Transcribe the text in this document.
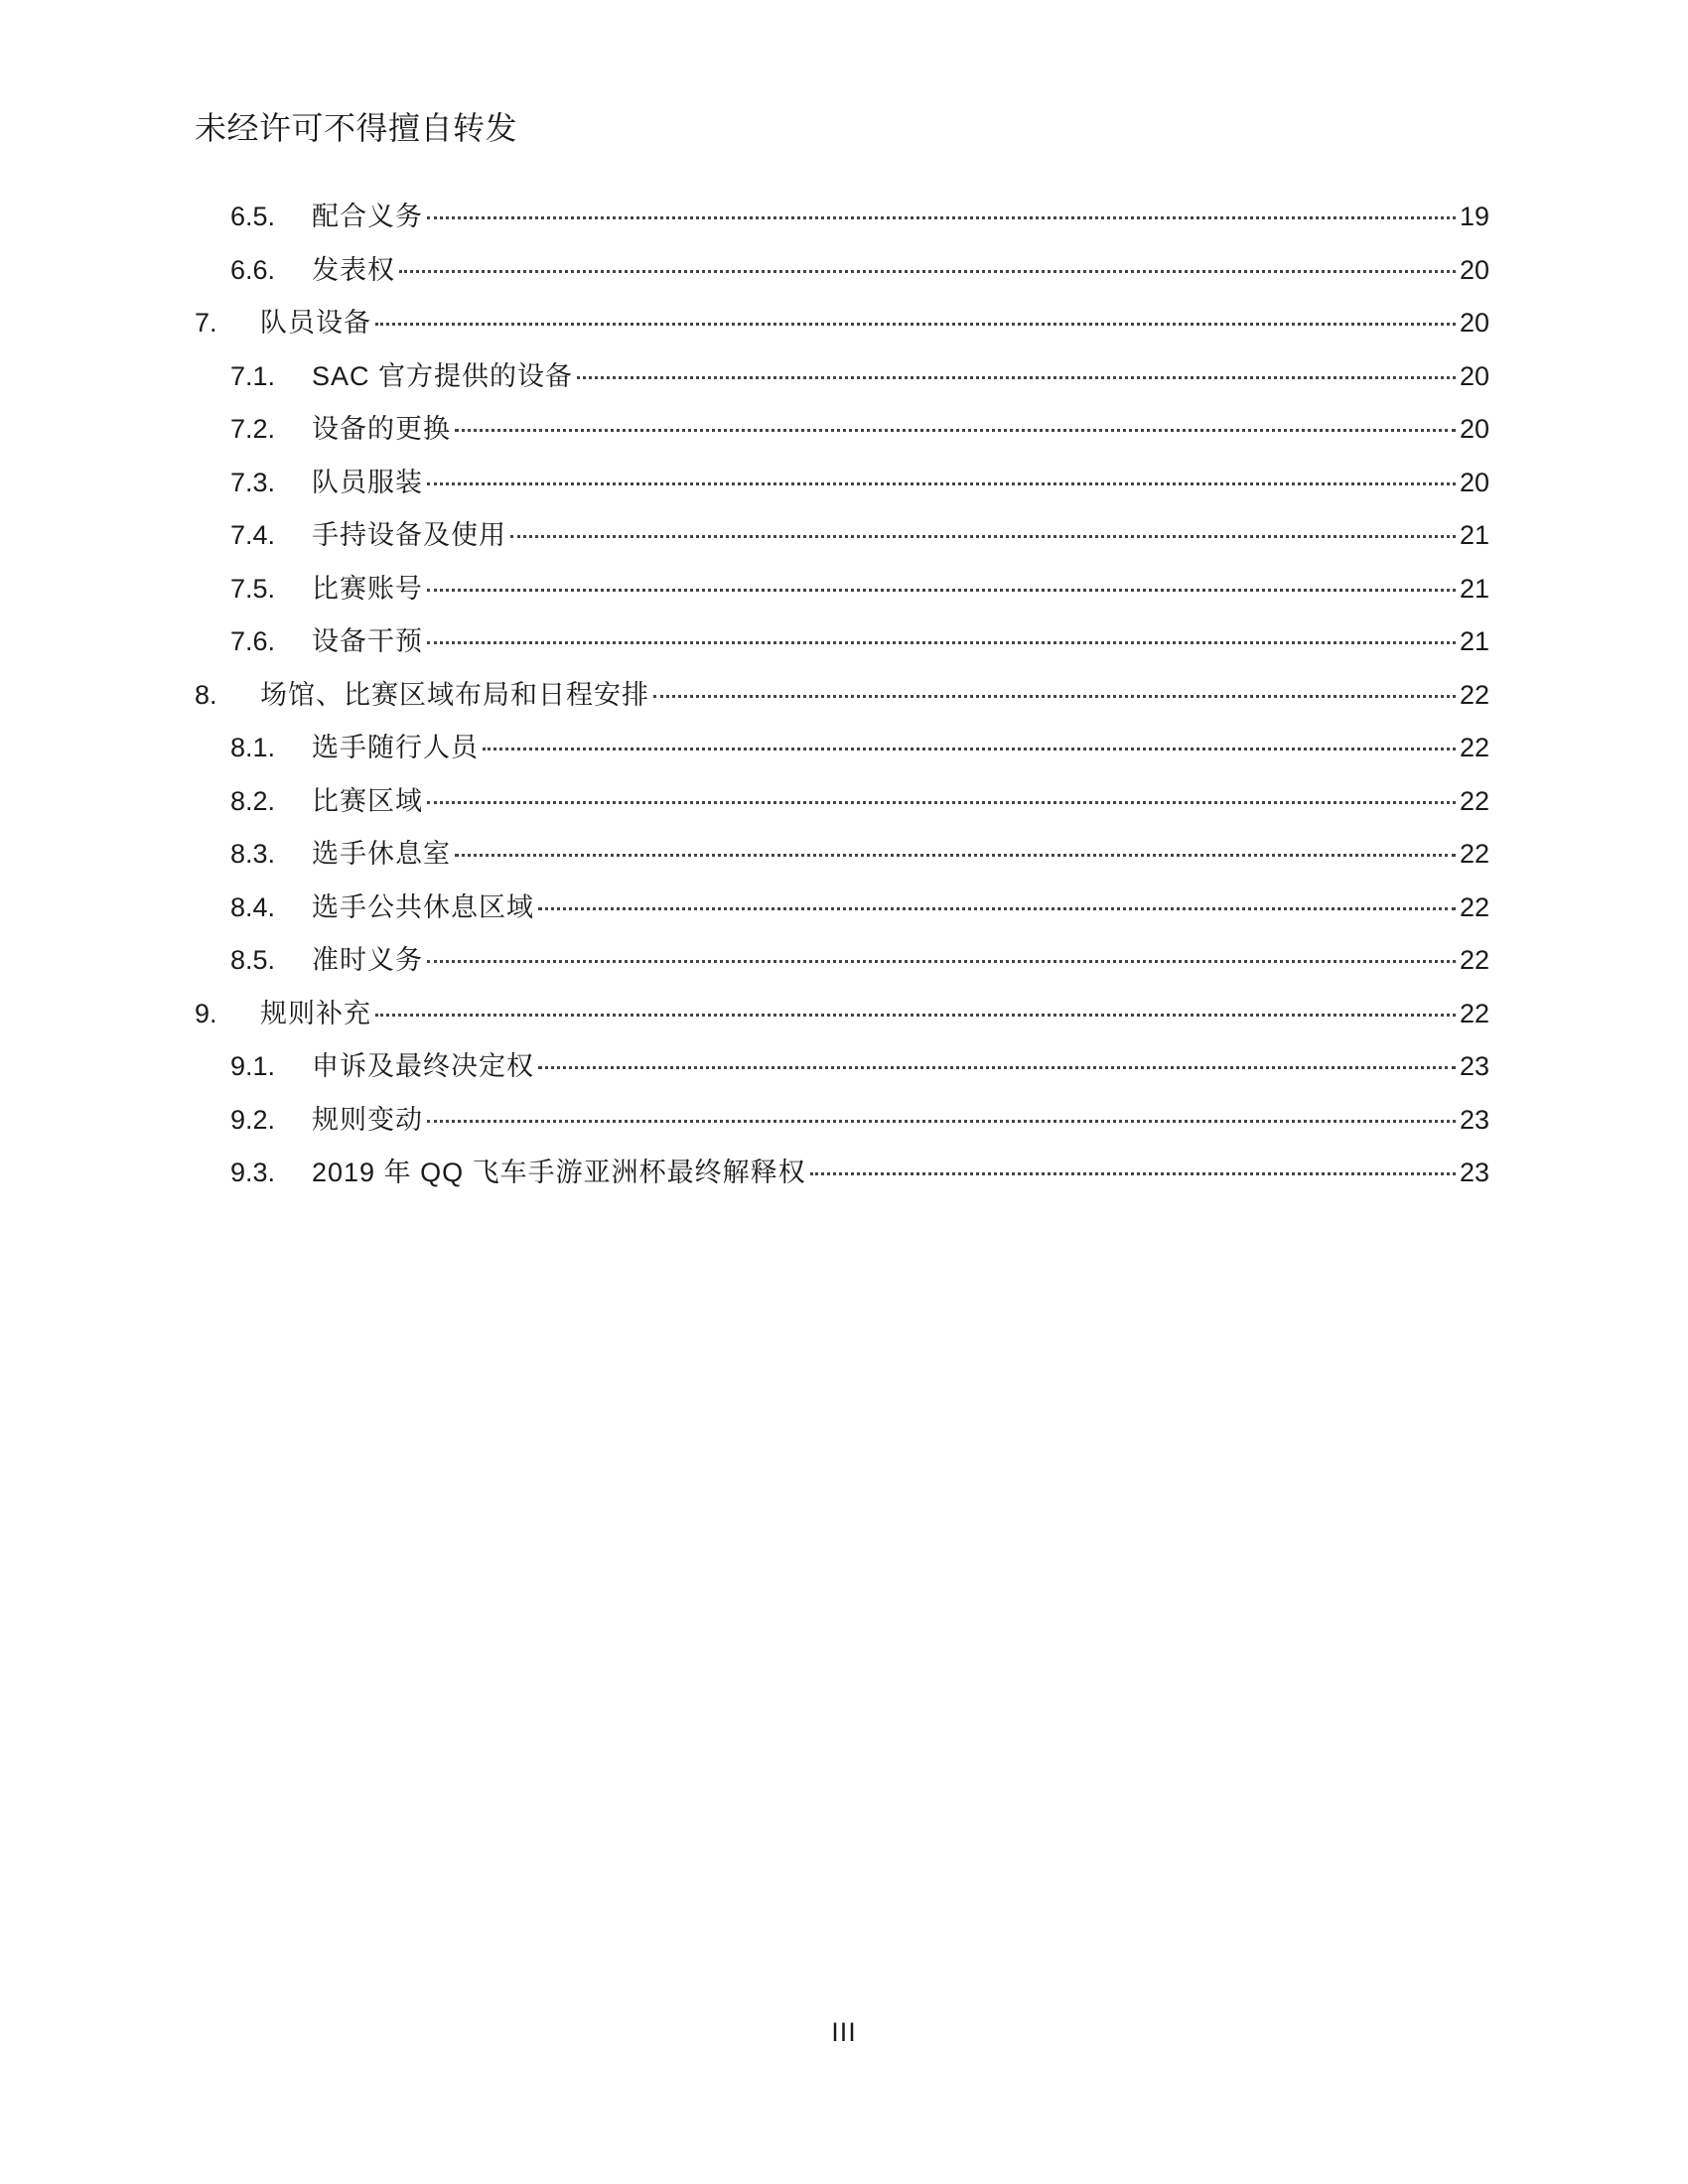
未经许可不得擅自转发
6.5.	配合义务	19
6.6.	发表权	20
7.	队员设备	20
7.1.	SAC 官方提供的设备	20
7.2.	设备的更换	20
7.3.	队员服装	20
7.4.	手持设备及使用	21
7.5.	比赛账号	21
7.6.	设备干预	21
8.	场馆、比赛区域布局和日程安排	22
8.1.	选手随行人员	22
8.2.	比赛区域	22
8.3.	选手休息室	22
8.4.	选手公共休息区域	22
8.5.	准时义务	22
9.	规则补充	22
9.1.	申诉及最终决定权	23
9.2.	规则变动	23
9.3.	2019 年 QQ 飞车手游亚洲杯最终解释权	23
III
